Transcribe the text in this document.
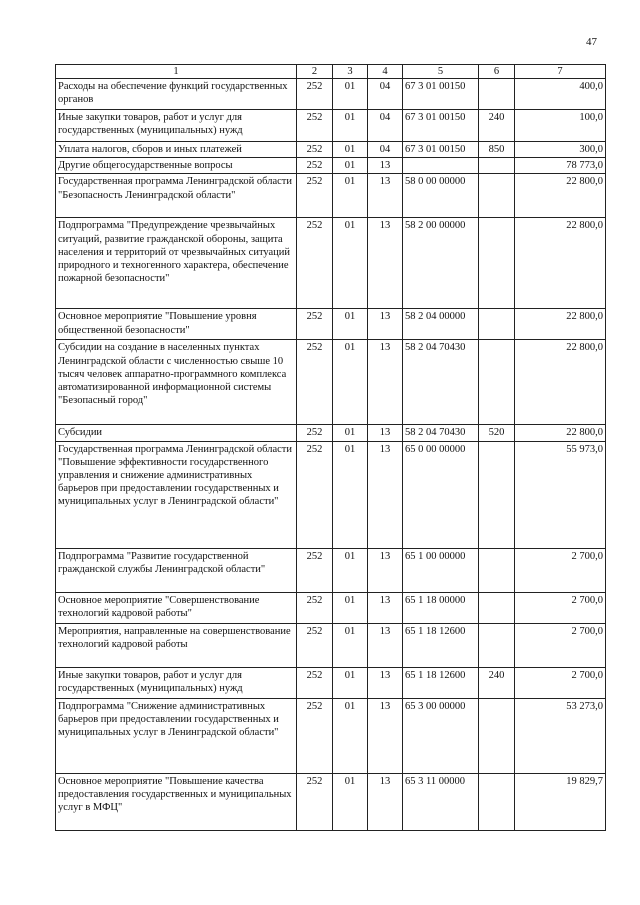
47
1	2	3	4	5	6	7
Расходы на обеспечение функций государственных органов	252	01	04	67 3 01 00150		400,0
Иные закупки товаров, работ и услуг для государственных (муниципальных) нужд	252	01	04	67 3 01 00150	240	100,0
Уплата налогов, сборов и иных платежей	252	01	04	67 3 01 00150	850	300,0
Другие общегосударственные вопросы	252	01	13			78 773,0
Государственная программа Ленинградской области "Безопасность Ленинградской области"	252	01	13	58 0 00 00000		22 800,0
Подпрограмма "Предупреждение чрезвычайных ситуаций, развитие гражданской обороны, защита населения и территорий от чрезвычайных ситуаций природного и техногенного характера, обеспечение пожарной безопасности"	252	01	13	58 2 00 00000		22 800,0
Основное мероприятие "Повышение уровня общественной безопасности"	252	01	13	58 2 04 00000		22 800,0
Субсидии на создание в населенных пунктах Ленинградской области с численностью свыше 10 тысяч человек аппаратно-программного комплекса автоматизированной информационной системы "Безопасный город"	252	01	13	58 2 04 70430		22 800,0
Субсидии	252	01	13	58 2 04 70430	520	22 800,0
Государственная программа Ленинградской области "Повышение эффективности государственного управления и снижение административных барьеров при предоставлении государственных и муниципальных услуг в Ленинградской области"	252	01	13	65 0 00 00000		55 973,0
Подпрограмма "Развитие государственной гражданской службы Ленинградской области"	252	01	13	65 1 00 00000		2 700,0
Основное мероприятие "Совершенствование технологий кадровой работы"	252	01	13	65 1 18 00000		2 700,0
Мероприятия, направленные на совершенствование технологий кадровой работы	252	01	13	65 1 18 12600		2 700,0
Иные закупки товаров, работ и услуг для государственных (муниципальных) нужд	252	01	13	65 1 18 12600	240	2 700,0
Подпрограмма "Снижение административных барьеров при предоставлении государственных и муниципальных услуг в Ленинградской области"	252	01	13	65 3 00 00000		53 273,0
Основное мероприятие "Повышение качества предоставления государственных и муниципальных услуг в МФЦ"	252	01	13	65 3 11 00000		19 829,7
